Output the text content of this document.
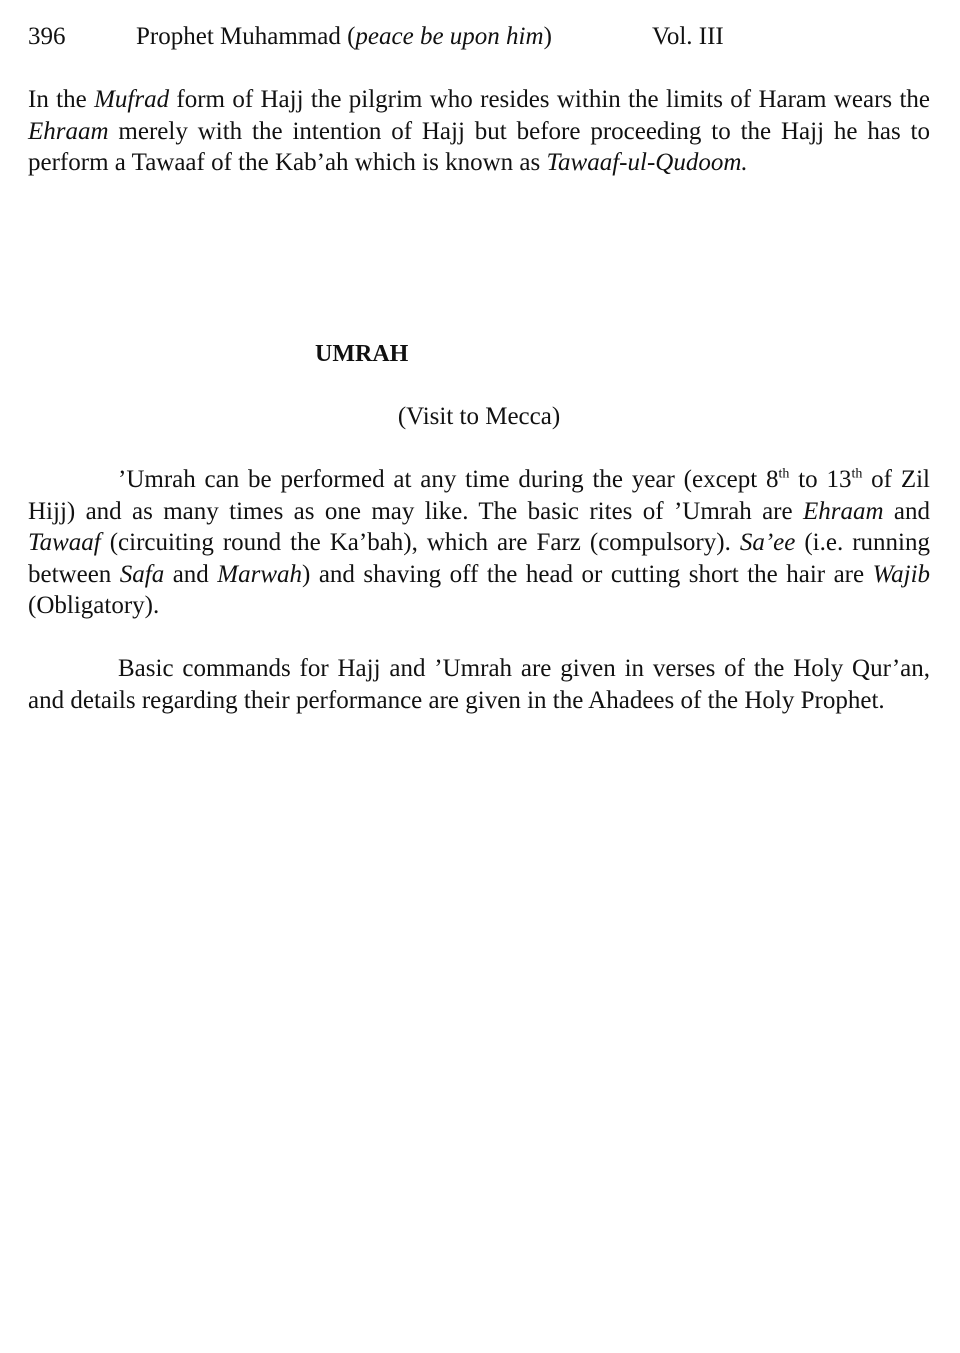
396	Prophet Muhammad (peace be upon him)	Vol. III

In the Mufrad form of Hajj the pilgrim who resides within the limits of Haram wears the Ehraam merely with the intention of Hajj but before proceeding to the Hajj he has to perform a Tawaaf of the Kab’ah which is known as Tawaaf-ul-Qudoom.

UMRAH

(Visit to Mecca)

’Umrah can be performed at any time during the year (except 8th to 13th of Zil Hijj) and as many times as one may like. The basic rites of ’Umrah are Ehraam and Tawaaf (circuiting round the Ka’bah), which are Farz (compulsory). Sa’ee (i.e. running between Safa and Marwah) and shaving off the head or cutting short the hair are Wajib (Obligatory).

Basic commands for Hajj and ’Umrah are given in verses of the Holy Qur’an, and details regarding their performance are given in the Ahadees of the Holy Prophet.
